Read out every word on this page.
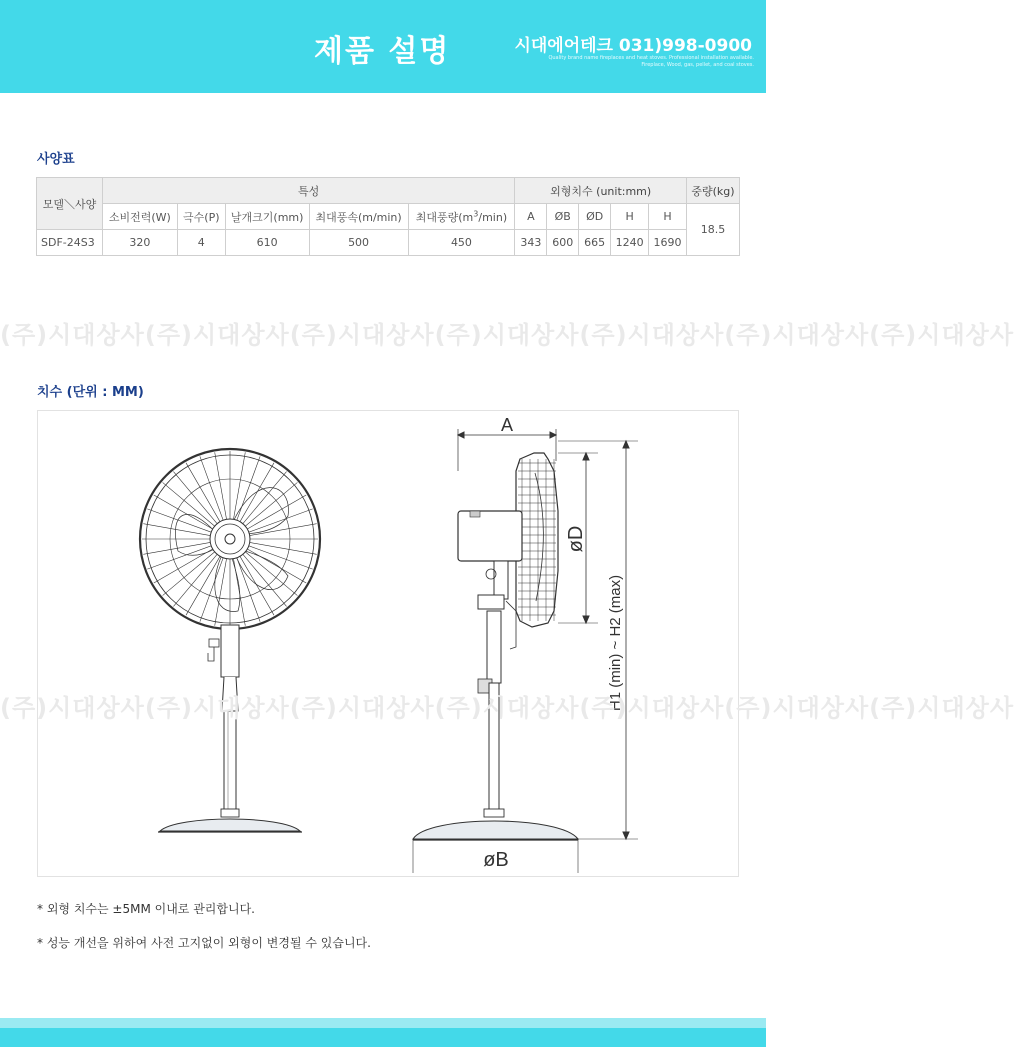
제품 설명	시대에어테크 031)998-0900
Quality brand name fireplaces and heat stoves. Professional installation available.
Fireplace, Wood, gas, pellet, and coal stoves.
사양표
모델＼사양	특성					외형치수 (unit:mm)					중량(kg)
	소비전력(W)	극수(P)	날개크기(mm)	최대풍속(m/min)	최대풍량$(m^3/\min)$	A	ØB	ØD	H	H	18.5
SDF-24S3	320	4	610	500	450	343	600	665	1240	1690	
(주)시대상사(주)시대상사(주)시대상사(주)시대상사(주)시대상사(주)시대상사(주)시대상사
치수 (단위 : MM)
A
øD
H1 (min) ~ H2 (max)
øB
(주)시대상사(주)시대상사(주)시대상사(주)시대상사(주)시대상사(주)시대상사(주)시대상사
* 외형 치수는 ±5MM 이내로 관리합니다.
* 성능 개선을 위하여 사전 고지없이 외형이 변경될 수 있습니다.
